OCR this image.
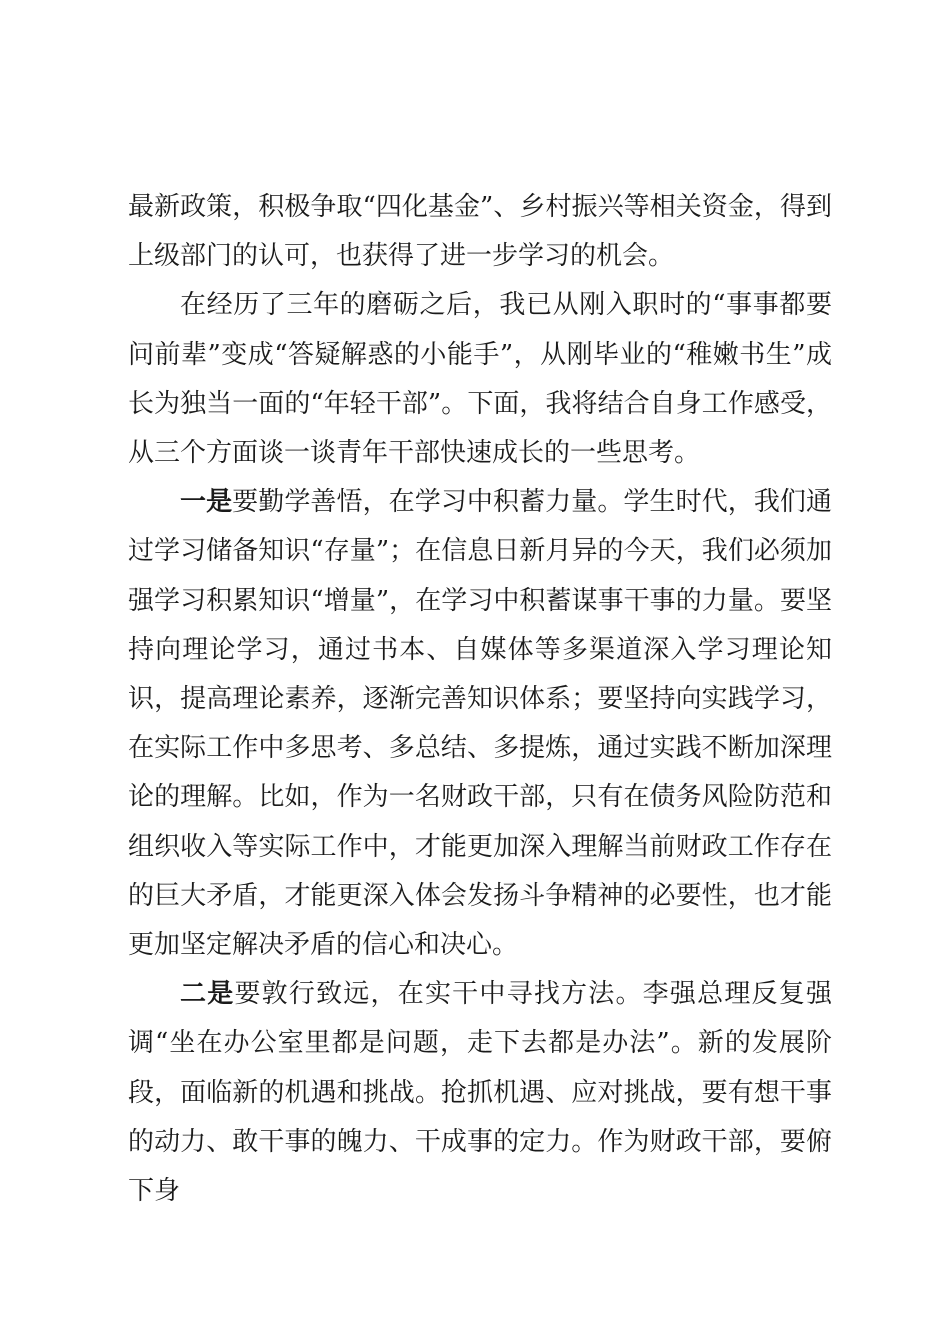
最新政策，积极争取“四化基金”、乡村振兴等相关资金，得到上级部门的认可，也获得了进一步学习的机会。

在经历了三年的磨砺之后，我已从刚入职时的“事事都要问前辈”变成“答疑解惑的小能手”，从刚毕业的“稚嫩书生”成长为独当一面的“年轻干部”。下面，我将结合自身工作感受，从三个方面谈一谈青年干部快速成长的一些思考。

一是要勤学善悟，在学习中积蓄力量。学生时代，我们通过学习储备知识“存量”；在信息日新月异的今天，我们必须加强学习积累知识“增量”，在学习中积蓄谋事干事的力量。要坚持向理论学习，通过书本、自媒体等多渠道深入学习理论知识，提高理论素养，逐渐完善知识体系；要坚持向实践学习，在实际工作中多思考、多总结、多提炼，通过实践不断加深理论的理解。比如，作为一名财政干部，只有在债务风险防范和组织收入等实际工作中，才能更加深入理解当前财政工作存在的巨大矛盾，才能更深入体会发扬斗争精神的必要性，也才能更加坚定解决矛盾的信心和决心。

二是要敦行致远，在实干中寻找方法。李强总理反复强调“坐在办公室里都是问题，走下去都是办法”。新的发展阶段，面临新的机遇和挑战。抢抓机遇、应对挑战，要有想干事的动力、敢干事的魄力、干成事的定力。作为财政干部，要俯下身
